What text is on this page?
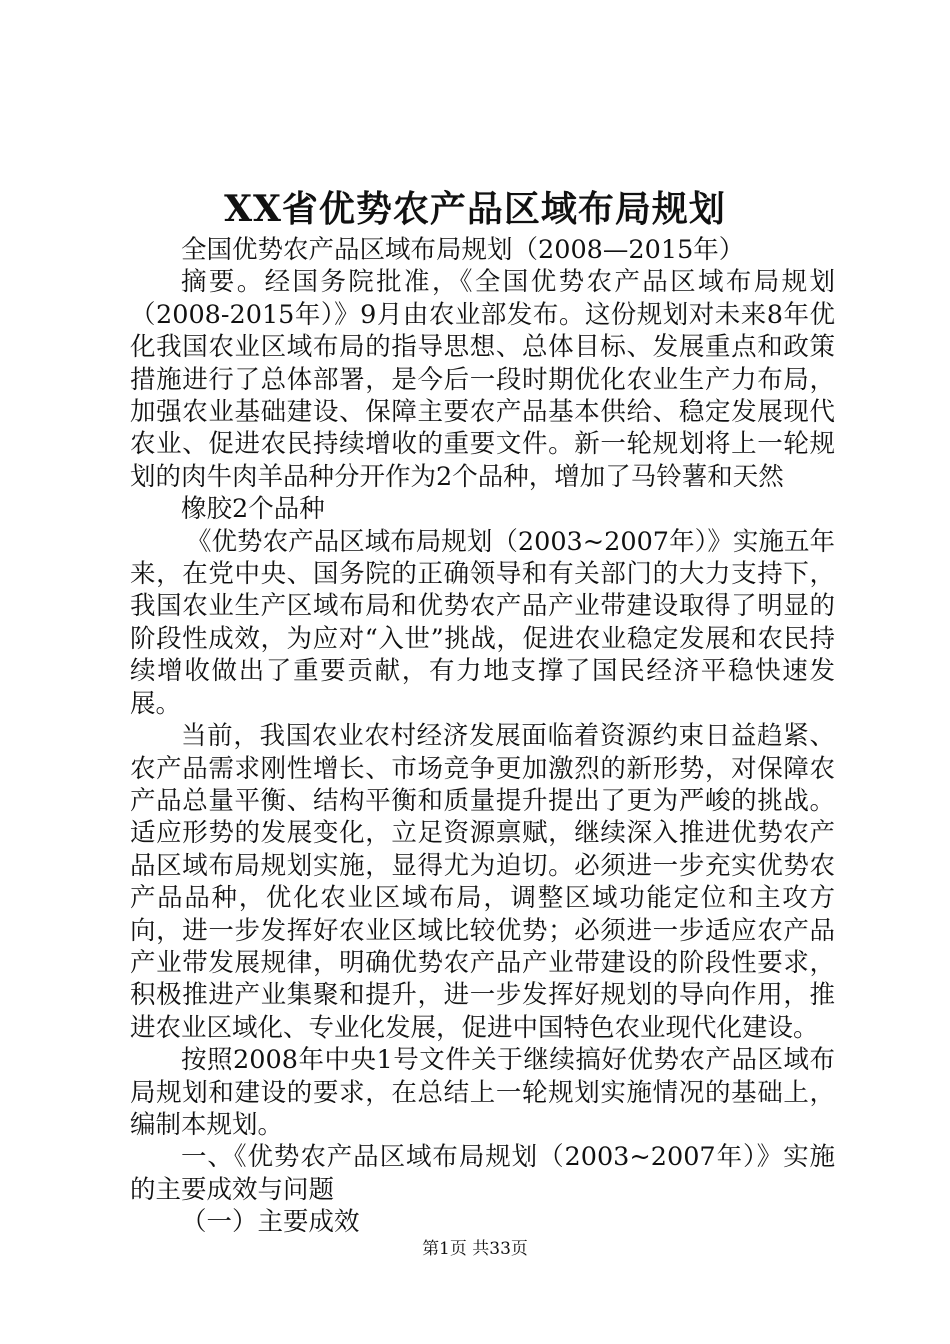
XX省优势农产品区域布局规划

全国优势农产品区域布局规划（2008—2015年）

摘要。经国务院批准，《全国优势农产品区域布局规划（2008-2015年）》9月由农业部发布。这份规划对未来8年优化我国农业区域布局的指导思想、总体目标、发展重点和政策措施进行了总体部署，是今后一段时期优化农业生产力布局，加强农业基础建设、保障主要农产品基本供给、稳定发展现代农业、促进农民持续增收的重要文件。新一轮规划将上一轮规划的肉牛肉羊品种分开作为2个品种，增加了马铃薯和天然

橡胶2个品种

《优势农产品区域布局规划（2003~2007年）》实施五年来，在党中央、国务院的正确领导和有关部门的大力支持下，我国农业生产区域布局和优势农产品产业带建设取得了明显的阶段性成效，为应对“入世”挑战，促进农业稳定发展和农民持续增收做出了重要贡献，有力地支撑了国民经济平稳快速发展。

当前，我国农业农村经济发展面临着资源约束日益趋紧、农产品需求刚性增长、市场竞争更加激烈的新形势，对保障农产品总量平衡、结构平衡和质量提升提出了更为严峻的挑战。适应形势的发展变化，立足资源禀赋，继续深入推进优势农产品区域布局规划实施，显得尤为迫切。必须进一步充实优势农产品品种，优化农业区域布局，调整区域功能定位和主攻方向，进一步发挥好农业区域比较优势；必须进一步适应农产品产业带发展规律，明确优势农产品产业带建设的阶段性要求，积极推进产业集聚和提升，进一步发挥好规划的导向作用，推进农业区域化、专业化发展，促进中国特色农业现代化建设。

按照2008年中央1号文件关于继续搞好优势农产品区域布局规划和建设的要求，在总结上一轮规划实施情况的基础上，编制本规划。

一、《优势农产品区域布局规划（2003~2007年）》实施的主要成效与问题

（一）主要成效

第1页 共33页
